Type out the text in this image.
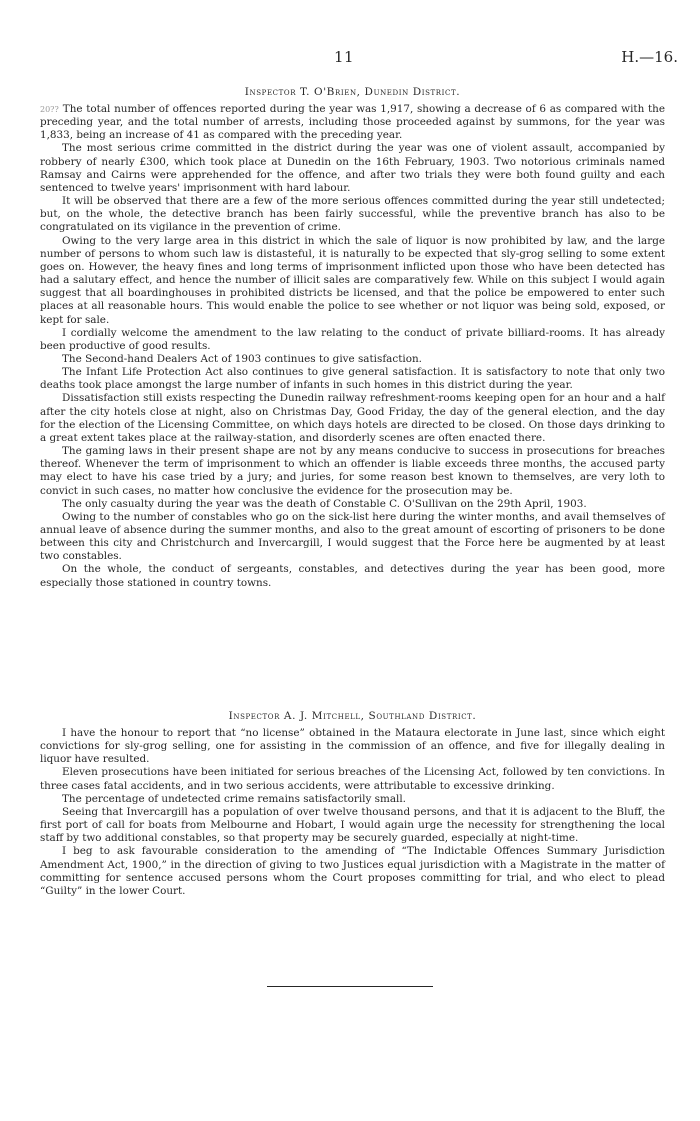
11	H.—16.
Inspector T. O'Brien, Dunedin District.

20?? The total number of offences reported during the year was 1,917, showing a decrease of 6 as compared with the preceding year, and the total number of arrests, including those proceeded against by summons, for the year was 1,833, being an increase of 41 as compared with the preceding year.

The most serious crime committed in the district during the year was one of violent assault, accompanied by robbery of nearly £300, which took place at Dunedin on the 16th February, 1903. Two notorious criminals named Ramsay and Cairns were apprehended for the offence, and after two trials they were both found guilty and each sentenced to twelve years' imprisonment with hard labour.

It will be observed that there are a few of the more serious offences committed during the year still undetected; but, on the whole, the detective branch has been fairly successful, while the preventive branch has also to be congratulated on its vigilance in the prevention of crime.

Owing to the very large area in this district in which the sale of liquor is now prohibited by law, and the large number of persons to whom such law is distasteful, it is naturally to be expected that sly-grog selling to some extent goes on. However, the heavy fines and long terms of imprisonment inflicted upon those who have been detected has had a salutary effect, and hence the number of illicit sales are comparatively few. While on this subject I would again suggest that all boardinghouses in prohibited districts be licensed, and that the police be empowered to enter such places at all reasonable hours. This would enable the police to see whether or not liquor was being sold, exposed, or kept for sale.

I cordially welcome the amendment to the law relating to the conduct of private billiard-rooms. It has already been productive of good results.

The Second-hand Dealers Act of 1903 continues to give satisfaction.

The Infant Life Protection Act also continues to give general satisfaction. It is satisfactory to note that only two deaths took place amongst the large number of infants in such homes in this district during the year.

Dissatisfaction still exists respecting the Dunedin railway refreshment-rooms keeping open for an hour and a half after the city hotels close at night, also on Christmas Day, Good Friday, the day of the general election, and the day for the election of the Licensing Committee, on which days hotels are directed to be closed. On those days drinking to a great extent takes place at the railway-station, and disorderly scenes are often enacted there.

The gaming laws in their present shape are not by any means conducive to success in prosecutions for breaches thereof. Whenever the term of imprisonment to which an offender is liable exceeds three months, the accused party may elect to have his case tried by a jury; and juries, for some reason best known to themselves, are very loth to convict in such cases, no matter how conclusive the evidence for the prosecution may be.

The only casualty during the year was the death of Constable C. O'Sullivan on the 29th April, 1903.

Owing to the number of constables who go on the sick-list here during the winter months, and avail themselves of annual leave of absence during the summer months, and also to the great amount of escorting of prisoners to be done between this city and Christchurch and Invercargill, I would suggest that the Force here be augmented by at least two constables.

On the whole, the conduct of sergeants, constables, and detectives during the year has been good, more especially those stationed in country towns.

Inspector A. J. Mitchell, Southland District.

I have the honour to report that “no license” obtained in the Mataura electorate in June last, since which eight convictions for sly-grog selling, one for assisting in the commission of an offence, and five for illegally dealing in liquor have resulted.

Eleven prosecutions have been initiated for serious breaches of the Licensing Act, followed by ten convictions. In three cases fatal accidents, and in two serious accidents, were attributable to excessive drinking.

The percentage of undetected crime remains satisfactorily small.

Seeing that Invercargill has a population of over twelve thousand persons, and that it is adjacent to the Bluff, the first port of call for boats from Melbourne and Hobart, I would again urge the necessity for strengthening the local staff by two additional constables, so that property may be securely guarded, especially at night-time.

I beg to ask favourable consideration to the amending of “The Indictable Offences Summary Jurisdiction Amendment Act, 1900,” in the direction of giving to two Justices equal jurisdiction with a Magistrate in the matter of committing for sentence accused persons whom the Court proposes committing for trial, and who elect to plead “Guilty” in the lower Court.
